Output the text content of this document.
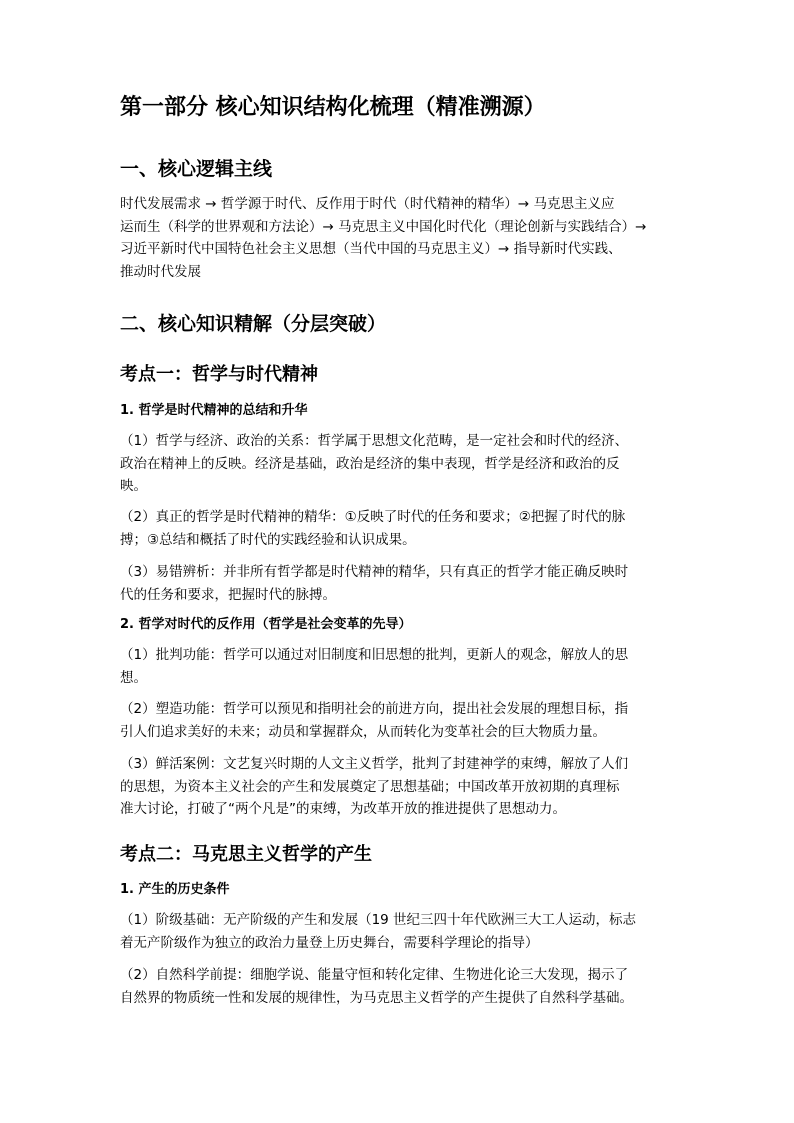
第一部分 核心知识结构化梳理（精准溯源）
一、核心逻辑主线
时代发展需求 → 哲学源于时代、反作用于时代（时代精神的精华）→ 马克思主义应
运而生（科学的世界观和方法论）→ 马克思主义中国化时代化（理论创新与实践结合）→
习近平新时代中国特色社会主义思想（当代中国的马克思主义）→ 指导新时代实践、
推动时代发展
二、核心知识精解（分层突破）
考点一：哲学与时代精神
1. 哲学是时代精神的总结和升华
（1）哲学与经济、政治的关系：哲学属于思想文化范畴，是一定社会和时代的经济、
政治在精神上的反映。经济是基础，政治是经济的集中表现，哲学是经济和政治的反
映。
（2）真正的哲学是时代精神的精华：①反映了时代的任务和要求；②把握了时代的脉
搏；③总结和概括了时代的实践经验和认识成果。
（3）易错辨析：并非所有哲学都是时代精神的精华，只有真正的哲学才能正确反映时
代的任务和要求，把握时代的脉搏。
2. 哲学对时代的反作用（哲学是社会变革的先导）
（1）批判功能：哲学可以通过对旧制度和旧思想的批判，更新人的观念，解放人的思
想。
（2）塑造功能：哲学可以预见和指明社会的前进方向，提出社会发展的理想目标，指
引人们追求美好的未来；动员和掌握群众，从而转化为变革社会的巨大物质力量。
（3）鲜活案例：文艺复兴时期的人文主义哲学，批判了封建神学的束缚，解放了人们
的思想，为资本主义社会的产生和发展奠定了思想基础；中国改革开放初期的真理标
准大讨论，打破了“两个凡是”的束缚，为改革开放的推进提供了思想动力。
考点二：马克思主义哲学的产生
1. 产生的历史条件
（1）阶级基础：无产阶级的产生和发展（19 世纪三四十年代欧洲三大工人运动，标志
着无产阶级作为独立的政治力量登上历史舞台，需要科学理论的指导）
（2）自然科学前提：细胞学说、能量守恒和转化定律、生物进化论三大发现，揭示了
自然界的物质统一性和发展的规律性，为马克思主义哲学的产生提供了自然科学基础。
